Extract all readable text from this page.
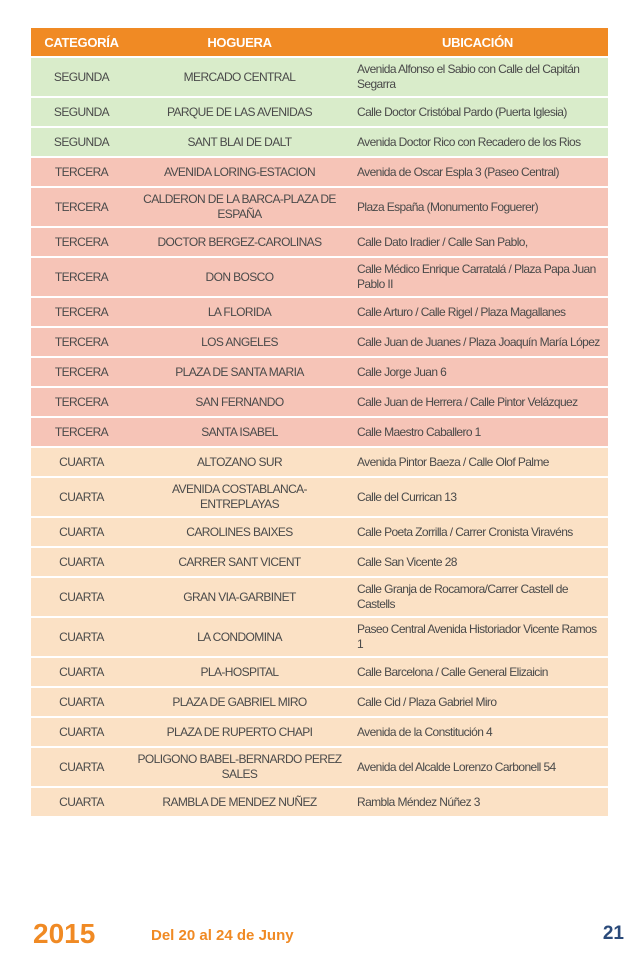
CATEGORÍA	HOGUERA	UBICACIÓN
SEGUNDA	MERCADO CENTRAL	Avenida Alfonso el Sabio con Calle del Capitán Segarra
SEGUNDA	PARQUE DE LAS AVENIDAS	Calle Doctor Cristóbal Pardo (Puerta Iglesia)
SEGUNDA	SANT BLAI DE DALT	Avenida Doctor Rico con Recadero de los Rios
TERCERA	AVENIDA LORING-ESTACION	Avenida de Oscar Espla 3 (Paseo Central)
TERCERA	CALDERON DE LA BARCA-PLAZA DE ESPAÑA	Plaza España (Monumento Foguerer)
TERCERA	DOCTOR BERGEZ-CAROLINAS	Calle Dato Iradier / Calle San Pablo,
TERCERA	DON BOSCO	Calle Médico Enrique Carratalá / Plaza Papa Juan Pablo II
TERCERA	LA FLORIDA	Calle Arturo / Calle Rigel / Plaza Magallanes
TERCERA	LOS ANGELES	Calle Juan de Juanes / Plaza Joaquín María López
TERCERA	PLAZA DE SANTA MARIA	Calle Jorge Juan 6
TERCERA	SAN FERNANDO	Calle Juan de Herrera / Calle Pintor Velázquez
TERCERA	SANTA ISABEL	Calle Maestro Caballero 1
CUARTA	ALTOZANO SUR	Avenida Pintor Baeza / Calle Olof Palme
CUARTA	AVENIDA COSTABLANCA-ENTREPLAYAS	Calle del Currican 13
CUARTA	CAROLINES BAIXES	Calle Poeta Zorrilla / Carrer Cronista Viravéns
CUARTA	CARRER SANT VICENT	Calle San Vicente 28
CUARTA	GRAN VIA-GARBINET	Calle Granja de Rocamora/Carrer Castell de Castells
CUARTA	LA CONDOMINA	Paseo Central Avenida Historiador Vicente Ramos 1
CUARTA	PLA-HOSPITAL	Calle Barcelona / Calle General Elizaicin
CUARTA	PLAZA DE GABRIEL MIRO	Calle Cid / Plaza Gabriel Miro
CUARTA	PLAZA DE RUPERTO CHAPI	Avenida de la Constitución 4
CUARTA	POLIGONO BABEL-BERNARDO PEREZ SALES	Avenida del Alcalde Lorenzo Carbonell 54
CUARTA	RAMBLA DE MENDEZ NUÑEZ	Rambla Méndez Núñez 3
2015	Del 20 al 24 de Juny	21
